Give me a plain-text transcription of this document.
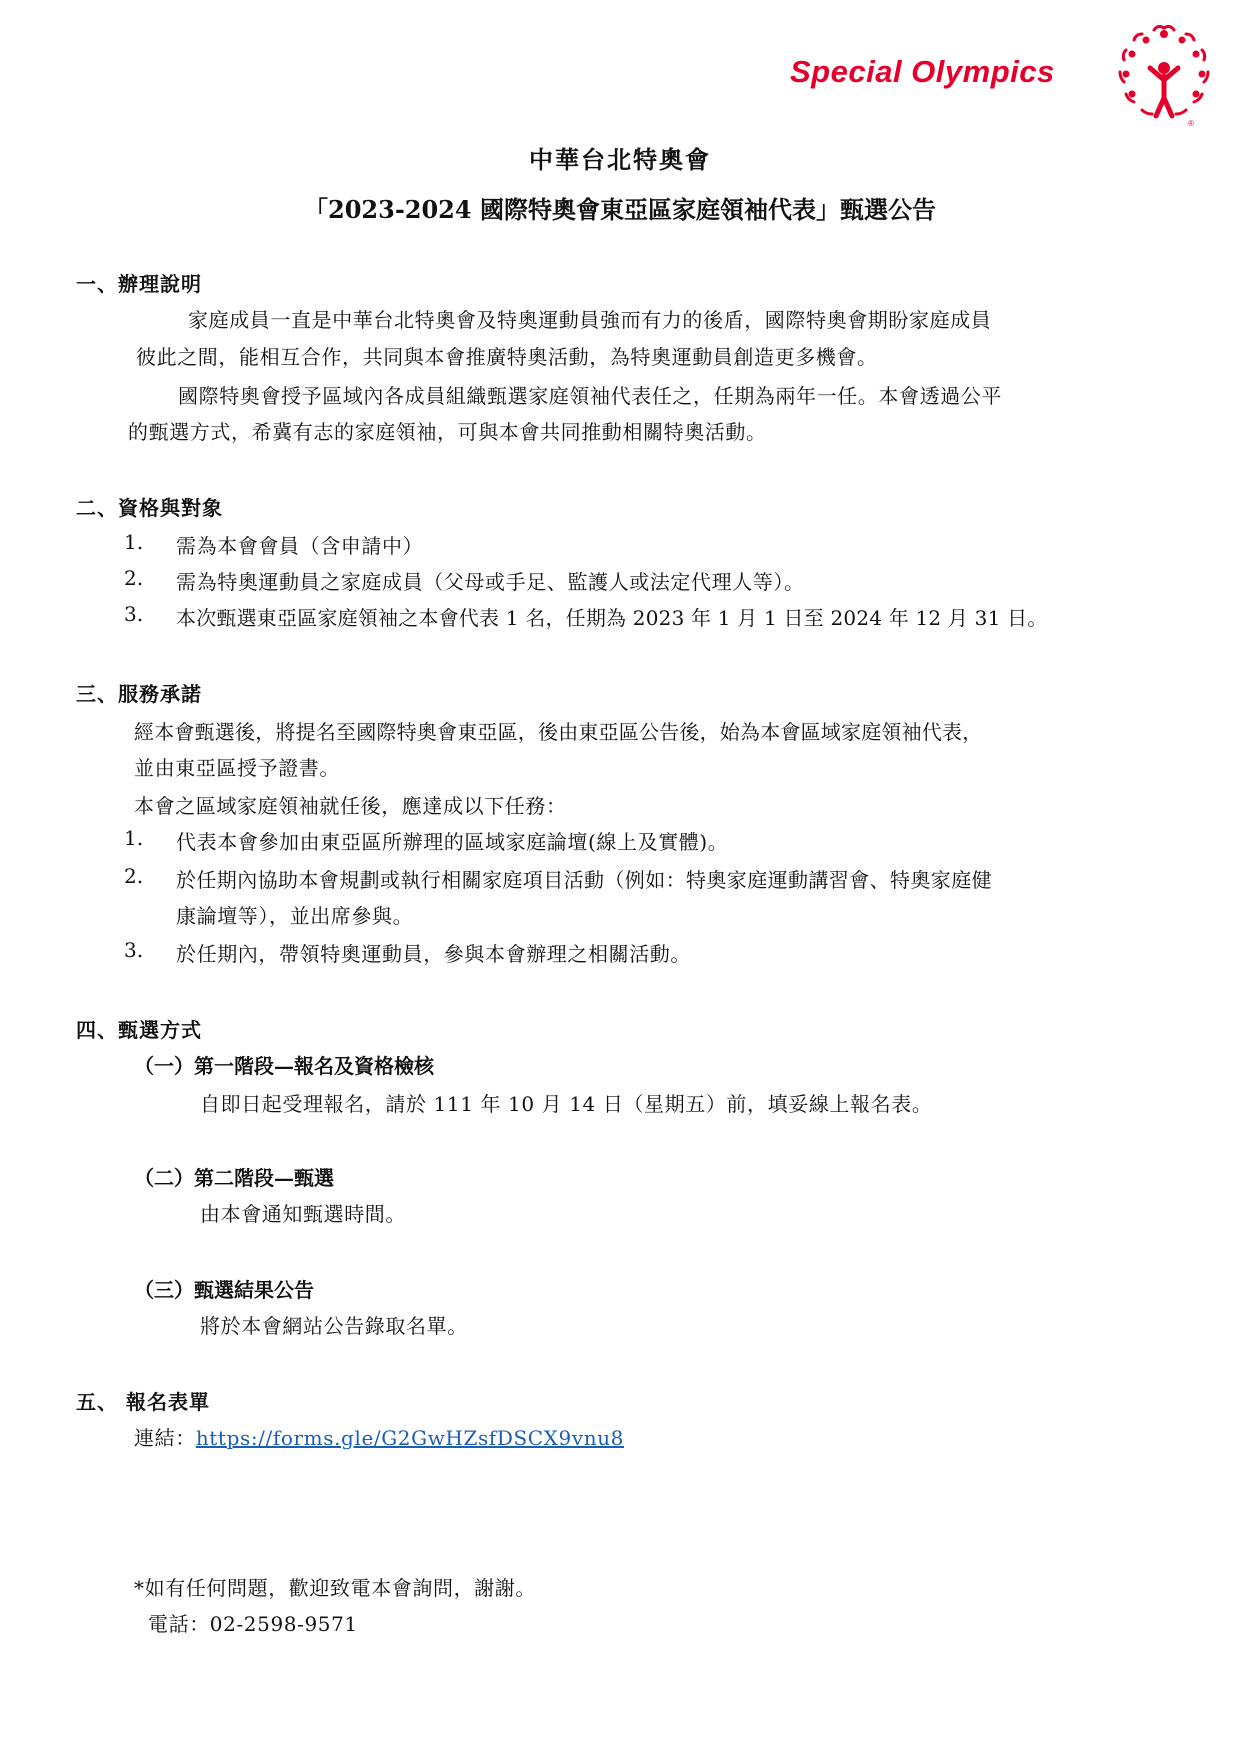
Special Olympics
®
中華台北特奧會
「2023-2024 國際特奧會東亞區家庭領袖代表」甄選公告
一、辦理說明
家庭成員一直是中華台北特奧會及特奧運動員強而有力的後盾，國際特奧會期盼家庭成員
彼此之間，能相互合作，共同與本會推廣特奧活動，為特奧運動員創造更多機會。
國際特奧會授予區域內各成員組織甄選家庭領袖代表任之，任期為兩年一任。本會透過公平
的甄選方式，希冀有志的家庭領袖，可與本會共同推動相關特奧活動。
二、資格與對象
1. 需為本會會員（含申請中）
2. 需為特奧運動員之家庭成員（父母或手足、監護人或法定代理人等）。
3. 本次甄選東亞區家庭領袖之本會代表 1 名，任期為 2023 年 1 月 1 日至 2024 年 12 月 31 日。
三、服務承諾
經本會甄選後，將提名至國際特奧會東亞區，後由東亞區公告後，始為本會區域家庭領袖代表，
並由東亞區授予證書。
本會之區域家庭領袖就任後，應達成以下任務：
1. 代表本會參加由東亞區所辦理的區域家庭論壇(線上及實體)。
2. 於任期內協助本會規劃或執行相關家庭項目活動（例如：特奧家庭運動講習會、特奧家庭健
康論壇等），並出席參與。
3. 於任期內，帶領特奧運動員，參與本會辦理之相關活動。
四、甄選方式
（一）第一階段—報名及資格檢核
自即日起受理報名，請於 111 年 10 月 14 日（星期五）前，填妥線上報名表。
（二）第二階段—甄選
由本會通知甄選時間。
（三）甄選結果公告
將於本會網站公告錄取名單。
五、 報名表單
連結：https://forms.gle/G2GwHZsfDSCX9vnu8
*如有任何問題，歡迎致電本會詢問，謝謝。
電話：02-2598-9571
